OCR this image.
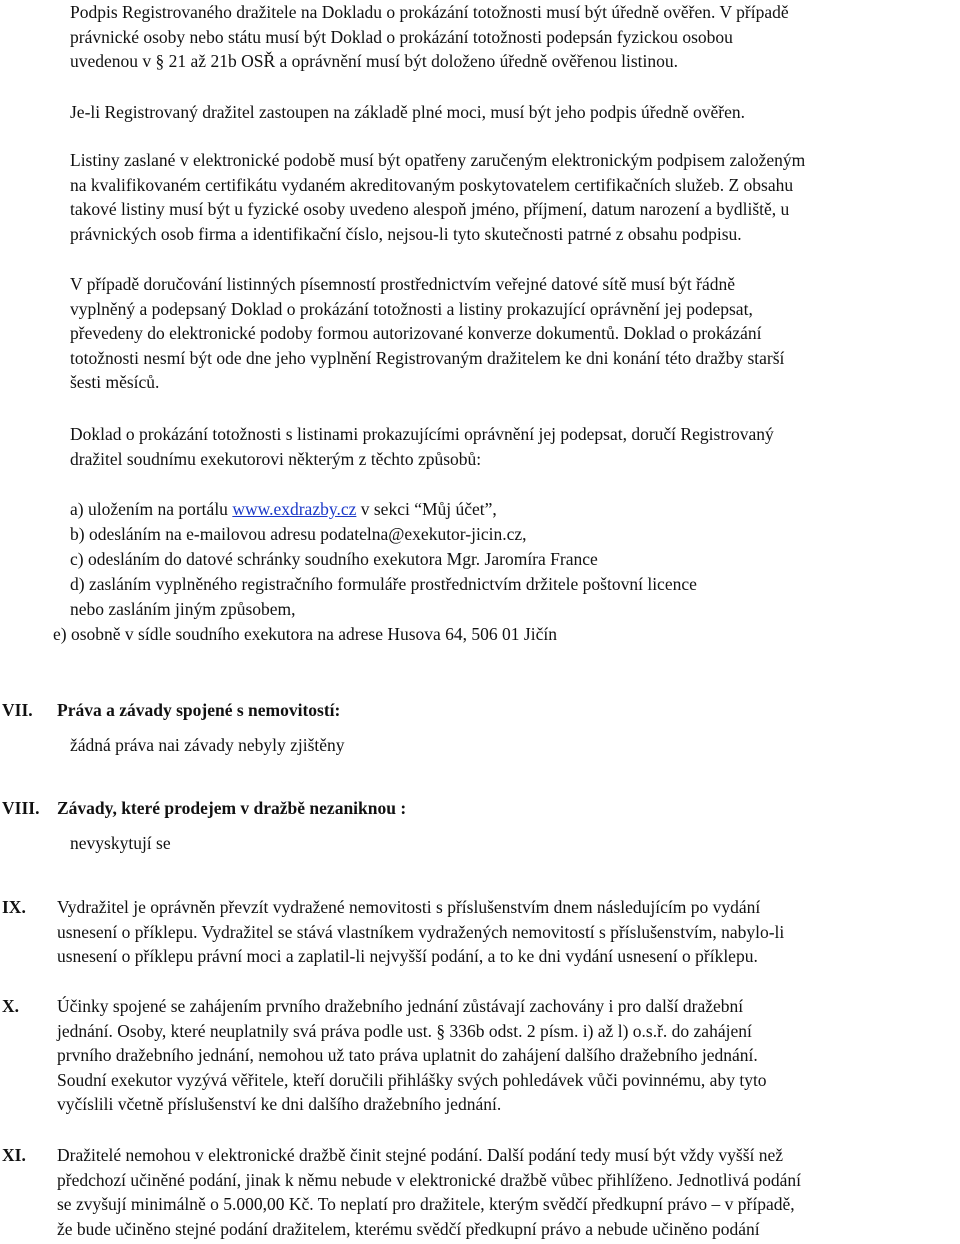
Podpis Registrovaného dražitele na Dokladu o prokázání totožnosti musí být úředně ověřen. V případě
právnické osoby nebo státu musí být Doklad o prokázání totožnosti podepsán fyzickou osobou
uvedenou v § 21 až 21b OSŘ a oprávnění musí být doloženo úředně ověřenou listinou.
Je-li Registrovaný dražitel zastoupen na základě plné moci, musí být jeho podpis úředně ověřen.
Listiny zaslané v elektronické podobě musí být opatřeny zaručeným elektronickým podpisem založeným
na kvalifikovaném certifikátu vydaném akreditovaným poskytovatelem certifikačních služeb. Z obsahu
takové listiny musí být u fyzické osoby uvedeno alespoň jméno, příjmení, datum narození a bydliště, u
právnických osob firma a identifikační číslo, nejsou-li tyto skutečnosti patrné z obsahu podpisu.
V případě doručování listinných písemností prostřednictvím veřejné datové sítě musí být řádně
vyplněný a podepsaný Doklad o prokázání totožnosti a listiny prokazující oprávnění jej podepsat,
převedeny do elektronické podoby formou autorizované konverze dokumentů. Doklad o prokázání
totožnosti nesmí být ode dne jeho vyplnění Registrovaným dražitelem ke dni konání této dražby starší
šesti měsíců.
Doklad o prokázání totožnosti s listinami prokazujícími oprávnění jej podepsat, doručí Registrovaný
dražitel soudnímu exekutorovi některým z těchto způsobů:
a) uložením na portálu www.exdrazby.cz v sekci “Můj účet”,
b) odesláním na e-mailovou adresu podatelna@exekutor-jicin.cz,
c) odesláním do datové schránky soudního exekutora Mgr. Jaromíra France
d) zasláním vyplněného registračního formuláře prostřednictvím držitele poštovní licence
nebo zasláním jiným způsobem,
e) osobně v sídle soudního exekutora na adrese Husova 64, 506 01 Jičín
VII. Práva a závady spojené s nemovitostí:
žádná práva nai závady nebyly zjištěny
VIII. Závady, které prodejem v dražbě nezaniknou :
nevyskytují se
IX. Vydražitel je oprávněn převzít vydražené nemovitosti s příslušenstvím dnem následujícím po vydání
usnesení o příklepu. Vydražitel se stává vlastníkem vydražených nemovitostí s příslušenstvím, nabylo-li
usnesení o příklepu právní moci a zaplatil-li nejvyšší podání, a to ke dni vydání usnesení o příklepu.
X. Účinky spojené se zahájením prvního dražebního jednání zůstávají zachovány i pro další dražební
jednání. Osoby, které neuplatnily svá práva podle ust. § 336b odst. 2 písm. i) až l) o.s.ř. do zahájení
prvního dražebního jednání, nemohou už tato práva uplatnit do zahájení dalšího dražebního jednání.
Soudní exekutor vyzývá věřitele, kteří doručili přihlášky svých pohledávek vůči povinnému, aby tyto
vyčíslili včetně příslušenství ke dni dalšího dražebního jednání.
XI. Dražitelé nemohou v elektronické dražbě činit stejné podání. Další podání tedy musí být vždy vyšší než
předchozí učiněné podání, jinak k němu nebude v elektronické dražbě vůbec přihlíženo. Jednotlivá podání
se zvyšují minimálně o 5.000,00 Kč. To neplatí pro dražitele, kterým svědčí předkupní právo – v případě,
že bude učiněno stejné podání dražitelem, kterému svědčí předkupní právo a nebude učiněno podání
